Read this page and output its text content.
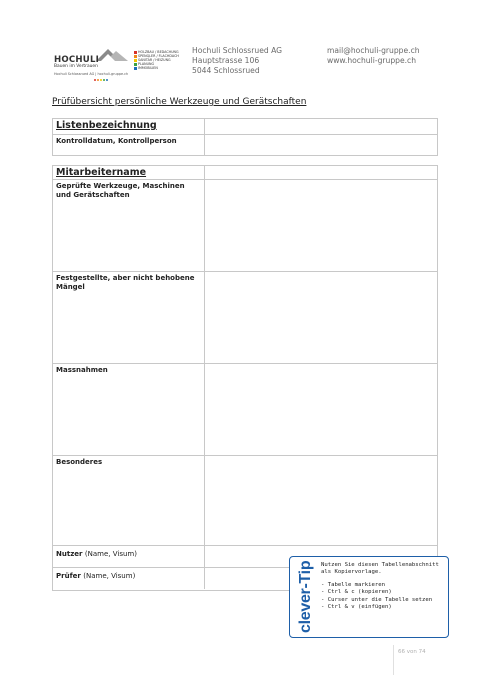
HOCHULI
Bauen im Vertrauen
HOLZBAU / BEDACHUNG
SPENGLER / FLACHDACH
SANITÄR / HEIZUNG
PLANUNG
IMMOBILIEN
Hochuli Schlossrued AG | hochuli-gruppe.ch
Hochuli Schlossrued AG
Hauptstrasse 106
5044 Schlossrued
mail@hochuli-gruppe.ch
www.hochuli-gruppe.ch
Prüfübersicht persönliche Werkzeuge und Gerätschaften
Listenbezeichnung
Kontrolldatum, Kontrollperson
Mitarbeitername
Geprüfte Werkzeuge, Maschinen und Gerätschaften
Festgestellte, aber nicht behobene Mängel
Massnahmen
Besonderes
Nutzer (Name, Visum)
Prüfer (Name, Visum)	clever-Tip Nutzen Sie diesen Tabellenabschnitt
als Kopiervorlage.
- Tabelle markieren
- Ctrl & c (kopieren)
- Curser unter die Tabelle setzen
- Ctrl & v (einfügen)
66 von 74
